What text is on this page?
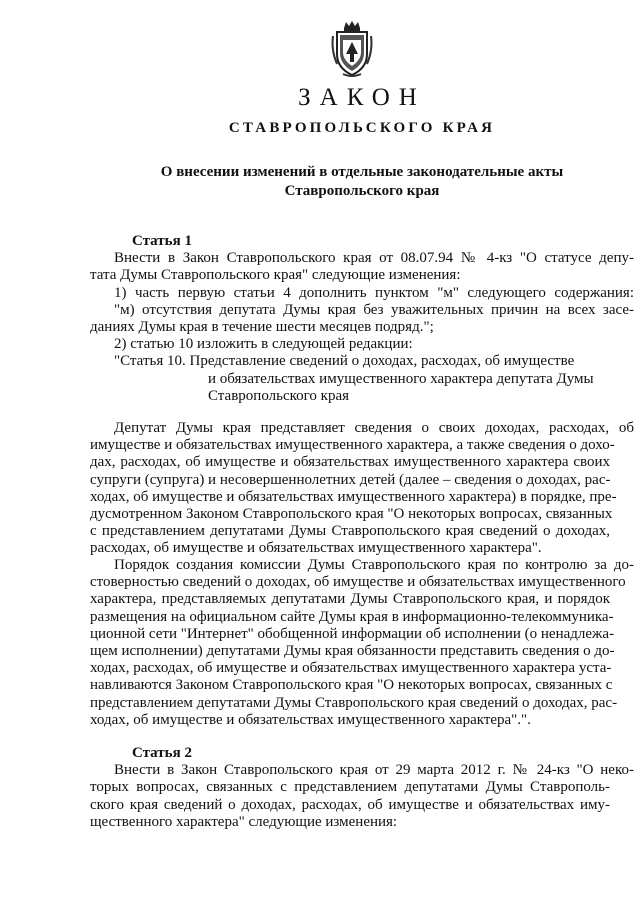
ЗАКОН
СТАВРОПОЛЬСКОГО КРАЯ
О внесении изменений в отдельные законодательные акты
Ставропольского края
Статья 1
Внести в Закон Ставропольского края от 08.07.94 № 4-кз "О статусе депу-
тата Думы Ставропольского края" следующие изменения:
1) часть первую статьи 4 дополнить пунктом "м" следующего содержания:
"м) отсутствия депутата Думы края без уважительных причин на всех засе-
даниях Думы края в течение шести месяцев подряд.";
2) статью 10 изложить в следующей редакции:
"Статья 10. Представление сведений о доходах, расходах, об имуществе
и обязательствах имущественного характера депутата Думы
Ставропольского края
Депутат Думы края представляет сведения о своих доходах, расходах, об
имуществе и обязательствах имущественного характера, а также сведения о дохо-
дах, расходах, об имуществе и обязательствах имущественного характера своих
супруги (супруга) и несовершеннолетних детей (далее – сведения о доходах, рас-
ходах, об имуществе и обязательствах имущественного характера) в порядке, пре-
дусмотренном Законом Ставропольского края "О некоторых вопросах, связанных
с представлением депутатами Думы Ставропольского края сведений о доходах,
расходах, об имуществе и обязательствах имущественного характера".
Порядок создания комиссии Думы Ставропольского края по контролю за до-
стоверностью сведений о доходах, об имуществе и обязательствах имущественного
характера, представляемых депутатами Думы Ставропольского края, и порядок
размещения на официальном сайте Думы края в информационно-телекоммуника-
ционной сети "Интернет" обобщенной информации об исполнении (о ненадлежа-
щем исполнении) депутатами Думы края обязанности представить сведения о до-
ходах, расходах, об имуществе и обязательствах имущественного характера уста-
навливаются Законом Ставропольского края "О некоторых вопросах, связанных с
представлением депутатами Думы Ставропольского края сведений о доходах, рас-
ходах, об имуществе и обязательствах имущественного характера".".
Статья 2
Внести в Закон Ставропольского края от 29 марта 2012 г. № 24-кз "О неко-
торых вопросах, связанных с представлением депутатами Думы Ставрополь-
ского края сведений о доходах, расходах, об имуществе и обязательствах иму-
щественного характера" следующие изменения:
